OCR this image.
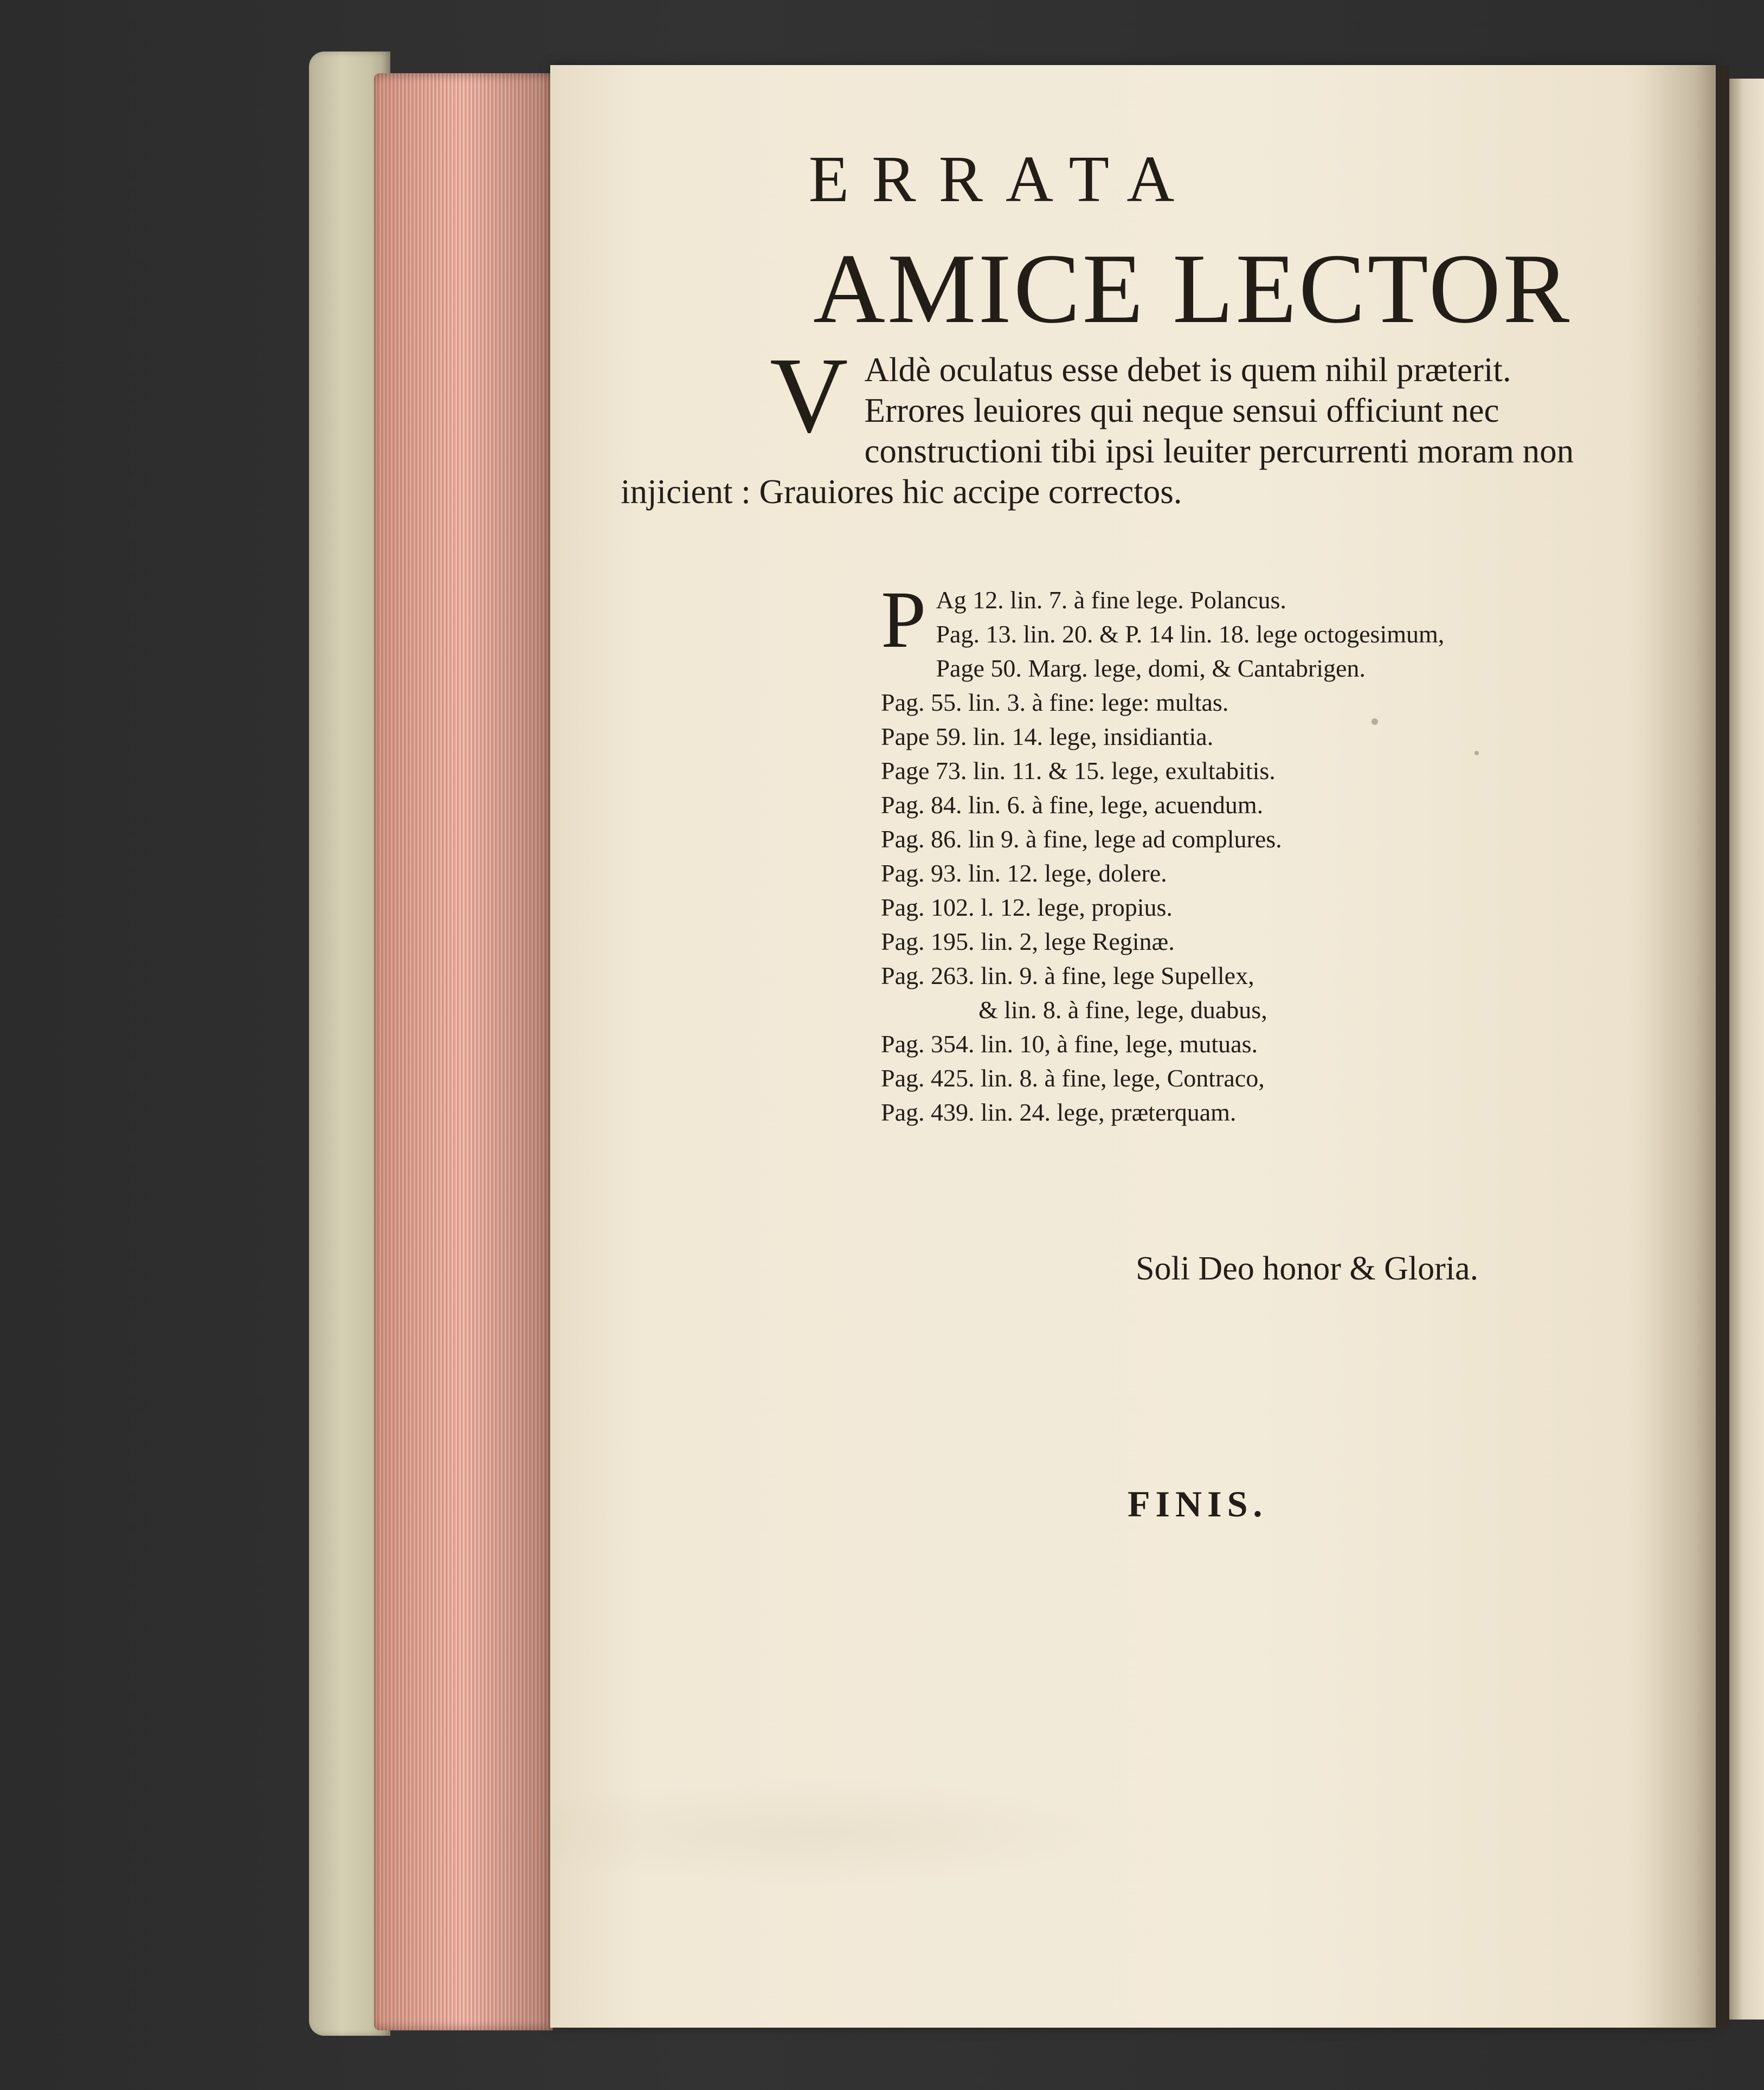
ERRATA
AMICE LECTOR
V Aldè oculatus esse debet is quem nihil præterit.
Errores leuiores qui neque sensui officiunt nec
constructioni tibi ipsi leuiter percurrenti moram non
injicient : Grauiores hic accipe correctos.
P Ag 12. lin. 7. à fine lege. Polancus.
Pag. 13. lin. 20. & P. 14 lin. 18. lege octogesimum,
Page 50. Marg. lege, domi, & Cantabrigen.
Pag. 55. lin. 3. à fine: lege: multas.
Pape 59. lin. 14. lege, insidiantia.
Page 73. lin. 11. & 15. lege, exultabitis.
Pag. 84. lin. 6. à fine, lege, acuendum.
Pag. 86. lin 9. à fine, lege ad complures.
Pag. 93. lin. 12. lege, dolere.
Pag. 102. l. 12. lege, propius.
Pag. 195. lin. 2, lege Reginæ.
Pag. 263. lin. 9. à fine, lege Supellex,
& lin. 8. à fine, lege, duabus,
Pag. 354. lin. 10, à fine, lege, mutuas.
Pag. 425. lin. 8. à fine, lege, Contraco,
Pag. 439. lin. 24. lege, præterquam.
Soli Deo honor & Gloria.
FINIS.
